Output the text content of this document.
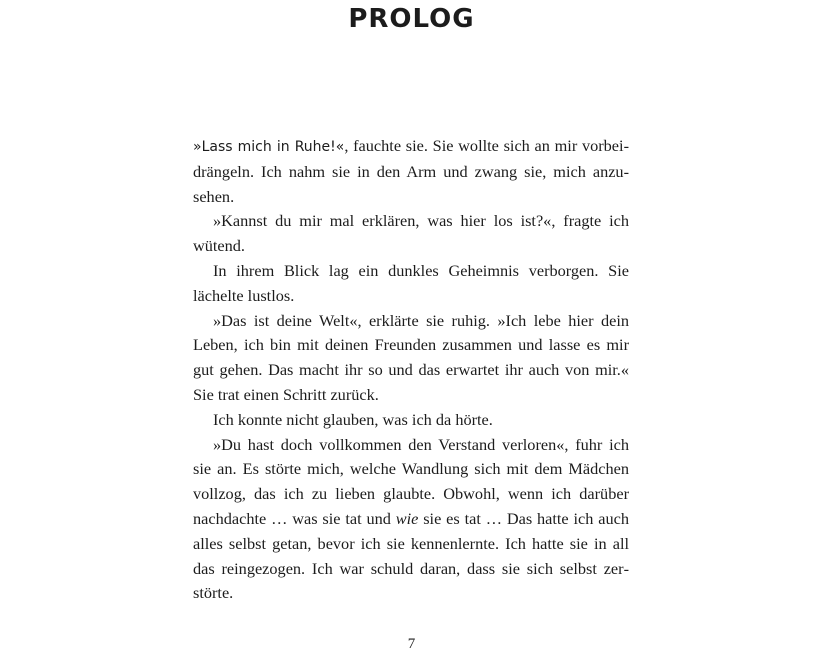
PROLOG

»Lass mich in Ruhe!«, fauchte sie. Sie wollte sich an mir vorbeidrängeln. Ich nahm sie in den Arm und zwang sie, mich anzusehen.

»Kannst du mir mal erklären, was hier los ist?«, fragte ich wütend.

In ihrem Blick lag ein dunkles Geheimnis verborgen. Sie lächelte lustlos.

»Das ist deine Welt«, erklärte sie ruhig. »Ich lebe hier dein Leben, ich bin mit deinen Freunden zusammen und lasse es mir gut gehen. Das macht ihr so und das erwartet ihr auch von mir.« Sie trat einen Schritt zurück.

Ich konnte nicht glauben, was ich da hörte.

»Du hast doch vollkommen den Verstand verloren«, fuhr ich sie an. Es störte mich, welche Wandlung sich mit dem Mädchen vollzog, das ich zu lieben glaubte. Obwohl, wenn ich darüber nachdachte … was sie tat und wie sie es tat … Das hatte ich auch alles selbst getan, bevor ich sie kennenlernte. Ich hatte sie in all das reingezogen. Ich war schuld daran, dass sie sich selbst zerstörte.

7
